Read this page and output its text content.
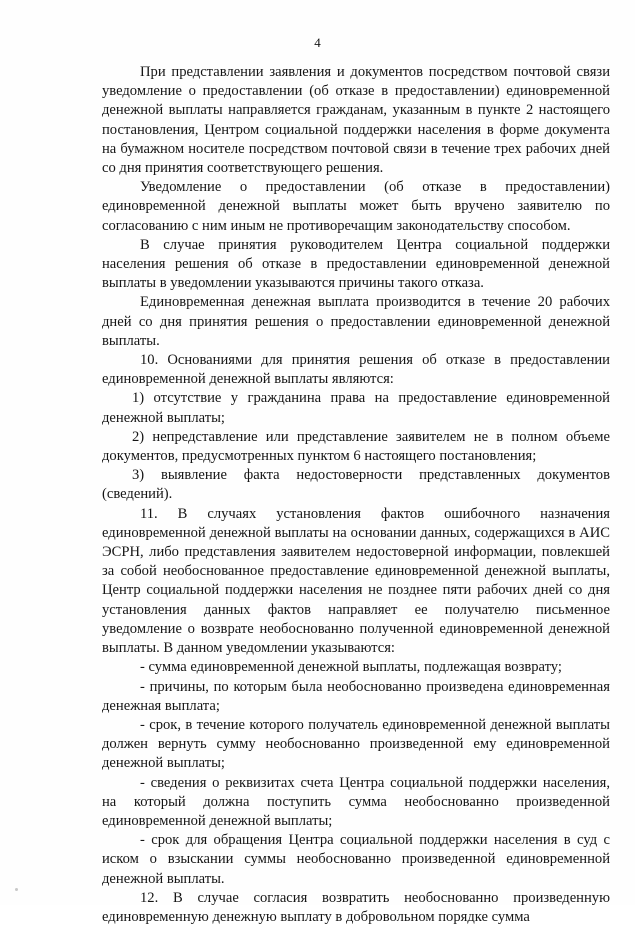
4

При представлении заявления и документов посредством почтовой связи уведомление о предоставлении (об отказе в предоставлении) единовременной денежной выплаты направляется гражданам, указанным в пункте 2 настоящего постановления, Центром социальной поддержки населения в форме документа на бумажном носителе посредством почтовой связи в течение трех рабочих дней со дня принятия соответствующего решения.

Уведомление о предоставлении (об отказе в предоставлении) единовременной денежной выплаты может быть вручено заявителю по согласованию с ним иным не противоречащим законодательству способом.

В случае принятия руководителем Центра социальной поддержки населения решения об отказе в предоставлении единовременной денежной выплаты в уведомлении указываются причины такого отказа.

Единовременная денежная выплата производится в течение 20 рабочих дней со дня принятия решения о предоставлении единовременной денежной выплаты.

10. Основаниями для принятия решения об отказе в предоставлении единовременной денежной выплаты являются:

1) отсутствие у гражданина права на предоставление единовременной денежной выплаты;

2) непредставление или представление заявителем не в полном объеме документов, предусмотренных пунктом 6 настоящего постановления;

3) выявление факта недостоверности представленных документов (сведений).

11. В случаях установления фактов ошибочного назначения единовременной денежной выплаты на основании данных, содержащихся в АИС ЭСРН, либо представления заявителем недостоверной информации, повлекшей за собой необоснованное предоставление единовременной денежной выплаты, Центр социальной поддержки населения не позднее пяти рабочих дней со дня установления данных фактов направляет ее получателю письменное уведомление о возврате необоснованно полученной единовременной денежной выплаты. В данном уведомлении указываются:

- сумма единовременной денежной выплаты, подлежащая возврату;

- причины, по которым была необоснованно произведена единовременная денежная выплата;

- срок, в течение которого получатель единовременной денежной выплаты должен вернуть сумму необоснованно произведенной ему единовременной денежной выплаты;

- сведения о реквизитах счета Центра социальной поддержки населения, на который должна поступить сумма необоснованно произведенной единовременной денежной выплаты;

- срок для обращения Центра социальной поддержки населения в суд с иском о взыскании суммы необоснованно произведенной единовременной денежной выплаты.

12. В случае согласия возвратить необоснованно произведенную единовременную денежную выплату в добровольном порядке сумма
